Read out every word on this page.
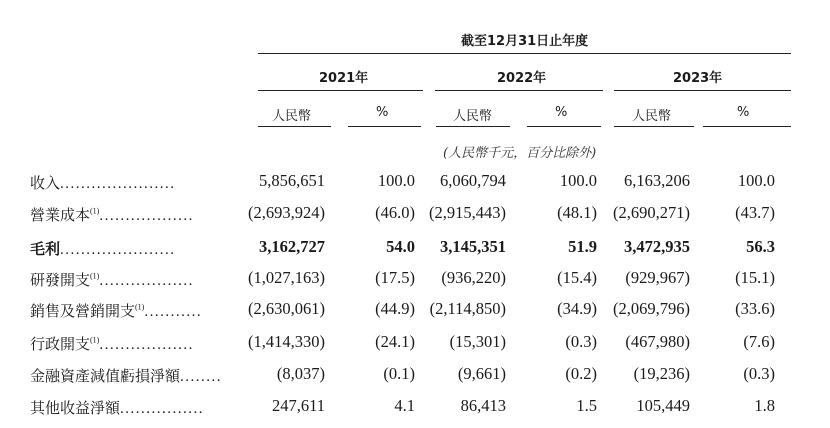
截至12月31日止年度
2021年	2022年	2023年
人民幣	%	人民幣	%	人民幣	%
(人民幣千元，百分比除外)
收入......................	5,856,651	100.0	6,060,794	100.0	6,163,206	100.0
營業成本$^{(1)}$..................	(2,693,924)	(46.0) (2,915,443)	(48.1) (2,690,271)	(43.7)
毛利......................	3,162,727	54.0	3,145,351	51.9	3,472,935	56.3
研發開支$^{(1)}$..................	(1,027,163)	(17.5)	(936,220)	(15.4)	(929,967)	(15.1)
銷售及營銷開支$^{(1)}$...........	(2,630,061)	(44.9) (2,114,850)	(34.9) (2,069,796)	(33.6)
行政開支$^{(1)}$..................	(1,414,330)	(24.1)	(15,301)	(0.3)	(467,980)	(7.6)
金融資產減值虧損淨額........	(8,037)	(0.1)	(9,661)	(0.2)	(19,236)	(0.3)
其他收益淨額................	247,611	4.1	86,413	1.5	105,449	1.8
